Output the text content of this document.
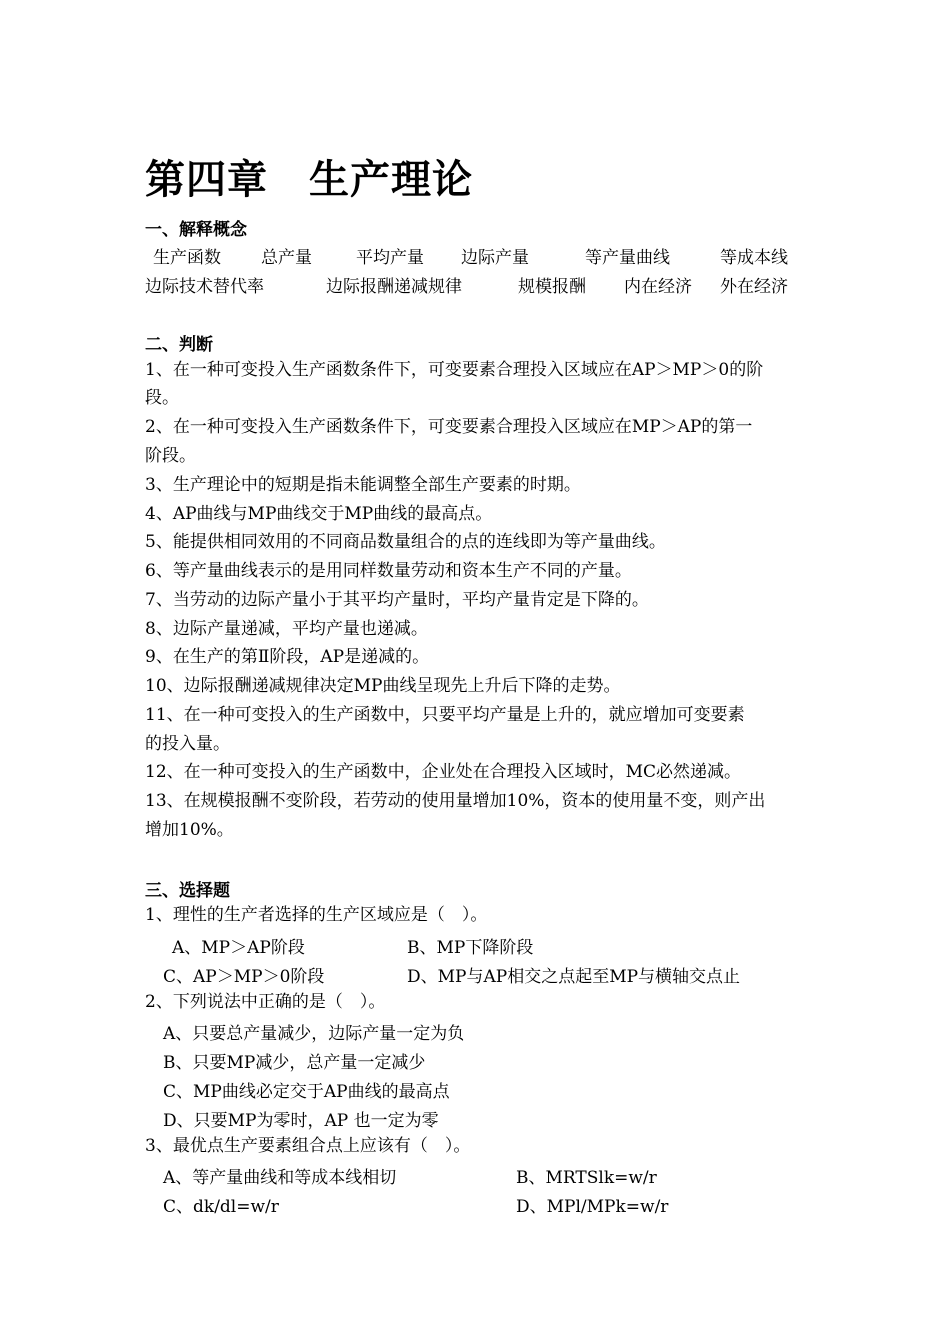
第四章　生产理论
一、解释概念
生产函数 总产量	平均产量 边际产量	等产量曲线	等成本线
边际技术替代率	边际报酬递减规律	规模报酬 内在经济 外在经济
二、判断
1、在一种可变投入生产函数条件下，可变要素合理投入区域应在AP＞MP＞0的阶
段。
2、在一种可变投入生产函数条件下，可变要素合理投入区域应在MP＞AP的第一
阶段。
3、生产理论中的短期是指未能调整全部生产要素的时期。
4、AP曲线与MP曲线交于MP曲线的最高点。
5、能提供相同效用的不同商品数量组合的点的连线即为等产量曲线。
6、等产量曲线表示的是用同样数量劳动和资本生产不同的产量。
7、当劳动的边际产量小于其平均产量时，平均产量肯定是下降的。
8、边际产量递减，平均产量也递减。
9、在生产的第Ⅱ阶段，AP是递减的。
10、边际报酬递减规律决定MP曲线呈现先上升后下降的走势。
11、在一种可变投入的生产函数中，只要平均产量是上升的，就应增加可变要素
的投入量。
12、在一种可变投入的生产函数中，企业处在合理投入区域时，MC必然递减。
13、在规模报酬不变阶段，若劳动的使用量增加10%，资本的使用量不变，则产出
增加10%。
三、选择题
1、理性的生产者选择的生产区域应是（　）。
A、MP＞AP阶段	B、MP下降阶段
C、AP＞MP＞0阶段	D、MP与AP相交之点起至MP与横轴交点止
2、下列说法中正确的是（　）。
A、只要总产量减少，边际产量一定为负
B、只要MP减少，总产量一定减少
C、MP曲线必定交于AP曲线的最高点
D、只要MP为零时，AP 也一定为零
3、最优点生产要素组合点上应该有（　）。
A、等产量曲线和等成本线相切	B、MRTSlk=w/r
C、dk/dl=w/r	D、MPl/MPk=w/r
